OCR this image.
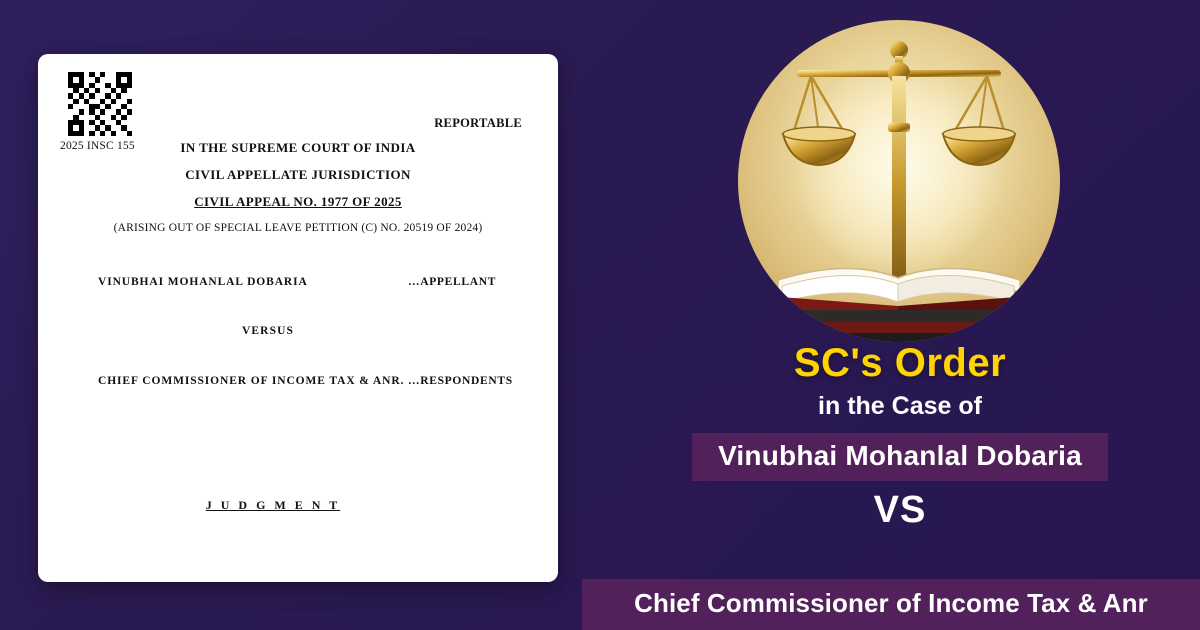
2025 INSC 155
REPORTABLE
IN THE SUPREME COURT OF INDIA
CIVIL APPELLATE JURISDICTION
CIVIL APPEAL NO. 1977 OF 2025
(ARISING OUT OF SPECIAL LEAVE PETITION (C) NO. 20519 OF 2024)
VINUBHAI MOHANLAL DOBARIA	…APPELLANT
VERSUS
CHIEF COMMISSIONER OF INCOME TAX & ANR. …RESPONDENTS
J U D G M E N T
SC's Order
in the Case of
Vinubhai Mohanlal Dobaria
VS
Chief Commissioner of Income Tax & Anr
